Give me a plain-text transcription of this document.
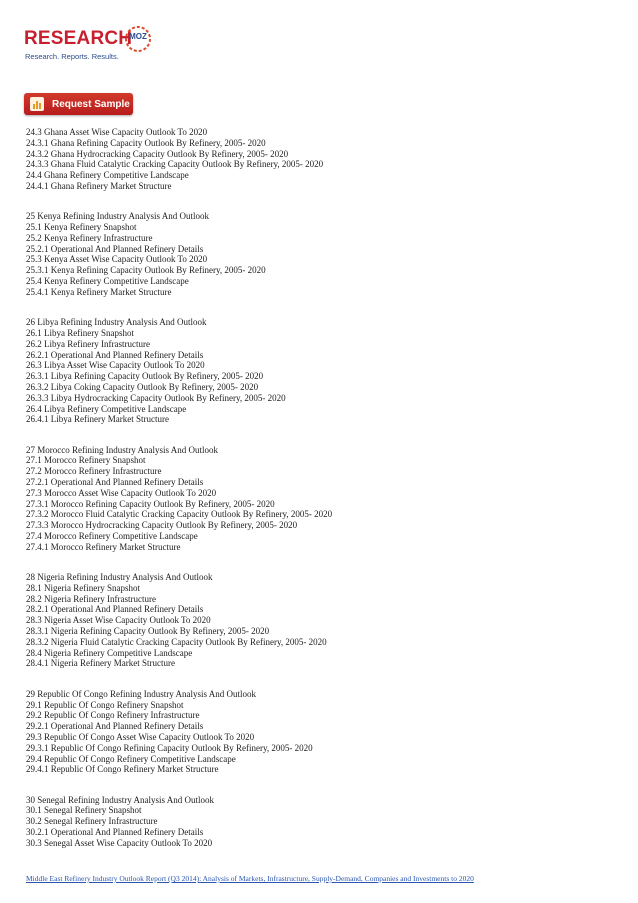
RESEARCH
MOZ
Research. Reports. Results.
Request Sample
24.3 Ghana Asset Wise Capacity Outlook To 2020
24.3.1 Ghana Refining Capacity Outlook By Refinery, 2005- 2020
24.3.2 Ghana Hydrocracking Capacity Outlook By Refinery, 2005- 2020
24.3.3 Ghana Fluid Catalytic Cracking Capacity Outlook By Refinery, 2005- 2020
24.4 Ghana Refinery Competitive Landscape
24.4.1 Ghana Refinery Market Structure
25 Kenya Refining Industry Analysis And Outlook
25.1 Kenya Refinery Snapshot
25.2 Kenya Refinery Infrastructure
25.2.1 Operational And Planned Refinery Details
25.3 Kenya Asset Wise Capacity Outlook To 2020
25.3.1 Kenya Refining Capacity Outlook By Refinery, 2005- 2020
25.4 Kenya Refinery Competitive Landscape
25.4.1 Kenya Refinery Market Structure
26 Libya Refining Industry Analysis And Outlook
26.1 Libya Refinery Snapshot
26.2 Libya Refinery Infrastructure
26.2.1 Operational And Planned Refinery Details
26.3 Libya Asset Wise Capacity Outlook To 2020
26.3.1 Libya Refining Capacity Outlook By Refinery, 2005- 2020
26.3.2 Libya Coking Capacity Outlook By Refinery, 2005- 2020
26.3.3 Libya Hydrocracking Capacity Outlook By Refinery, 2005- 2020
26.4 Libya Refinery Competitive Landscape
26.4.1 Libya Refinery Market Structure
27 Morocco Refining Industry Analysis And Outlook
27.1 Morocco Refinery Snapshot
27.2 Morocco Refinery Infrastructure
27.2.1 Operational And Planned Refinery Details
27.3 Morocco Asset Wise Capacity Outlook To 2020
27.3.1 Morocco Refining Capacity Outlook By Refinery, 2005- 2020
27.3.2 Morocco Fluid Catalytic Cracking Capacity Outlook By Refinery, 2005- 2020
27.3.3 Morocco Hydrocracking Capacity Outlook By Refinery, 2005- 2020
27.4 Morocco Refinery Competitive Landscape
27.4.1 Morocco Refinery Market Structure
28 Nigeria Refining Industry Analysis And Outlook
28.1 Nigeria Refinery Snapshot
28.2 Nigeria Refinery Infrastructure
28.2.1 Operational And Planned Refinery Details
28.3 Nigeria Asset Wise Capacity Outlook To 2020
28.3.1 Nigeria Refining Capacity Outlook By Refinery, 2005- 2020
28.3.2 Nigeria Fluid Catalytic Cracking Capacity Outlook By Refinery, 2005- 2020
28.4 Nigeria Refinery Competitive Landscape
28.4.1 Nigeria Refinery Market Structure
29 Republic Of Congo Refining Industry Analysis And Outlook
29.1 Republic Of Congo Refinery Snapshot
29.2 Republic Of Congo Refinery Infrastructure
29.2.1 Operational And Planned Refinery Details
29.3 Republic Of Congo Asset Wise Capacity Outlook To 2020
29.3.1 Republic Of Congo Refining Capacity Outlook By Refinery, 2005- 2020
29.4 Republic Of Congo Refinery Competitive Landscape
29.4.1 Republic Of Congo Refinery Market Structure
30 Senegal Refining Industry Analysis And Outlook
30.1 Senegal Refinery Snapshot
30.2 Senegal Refinery Infrastructure
30.2.1 Operational And Planned Refinery Details
30.3 Senegal Asset Wise Capacity Outlook To 2020
Middle East Refinery Industry Outlook Report (Q3 2014): Analysis of Markets, Infrastructure, Supply-Demand, Companies and Investments to 2020
